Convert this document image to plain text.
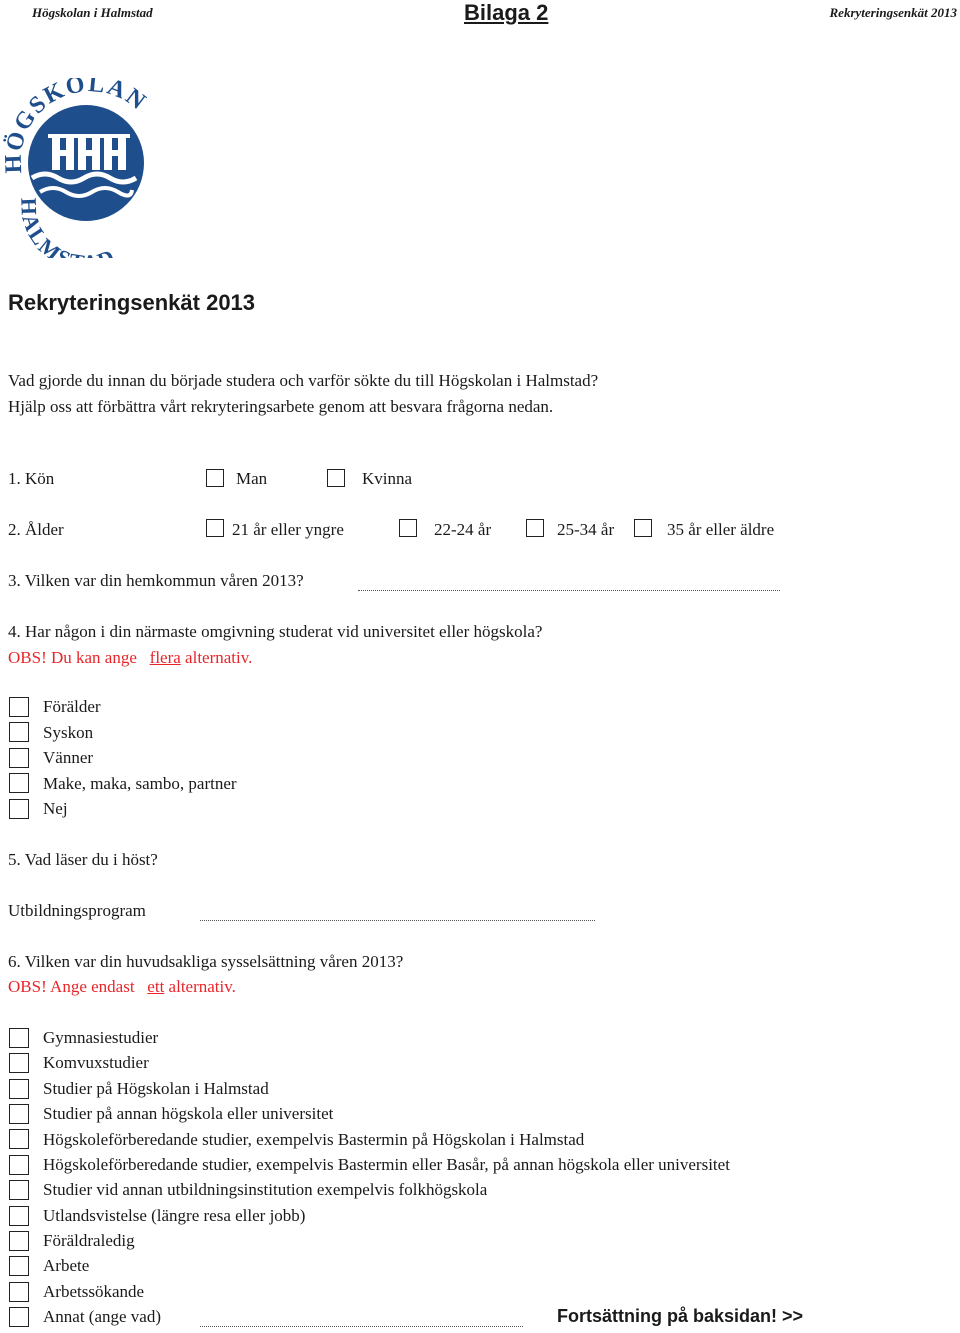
Högskolan i Halmstad	Bilaga 2	Rekryteringsenkät 2013
HÖGSKOLAN
HALM
Rekryteringsenkät 2013
Vad gjorde du innan du började studera och varför sökte du till Högskolan i Halmstad?
Hjälp oss att förbättra vårt rekryteringsarbete genom att besvara frågorna nedan.
1. Kön	Man	Kvinna
2. Ålder	21 år eller yngre	22-24 år	25-34 år	35 år eller äldre
3. Vilken var din hemkommun våren 2013?
4. Har någon i din närmaste omgivning studerat vid universitet eller högskola?
OBS! Du kan ange flera alternativ.
Förälder
Syskon
Vänner
Make, maka, sambo, partner
Nej
5. Vad läser du i höst?
Utbildningsprogram
6. Vilken var din huvudsakliga sysselsättning våren 2013?
OBS! Ange endast ett alternativ.
Gymnasiestudier
Komvuxstudier
Studier på Högskolan i Halmstad
Studier på annan högskola eller universitet
Högskoleförberedande studier, exempelvis Bastermin på Högskolan i Halmstad
Högskoleförberedande studier, exempelvis Bastermin eller Basår, på annan högskola eller universitet
Studier vid annan utbildningsinstitution exempelvis folkhögskola
Utlandsvistelse (längre resa eller jobb)
Föräldraledig
Arbete
Arbetssökande
Annat (ange vad)	Fortsättning på baksidan! >>
